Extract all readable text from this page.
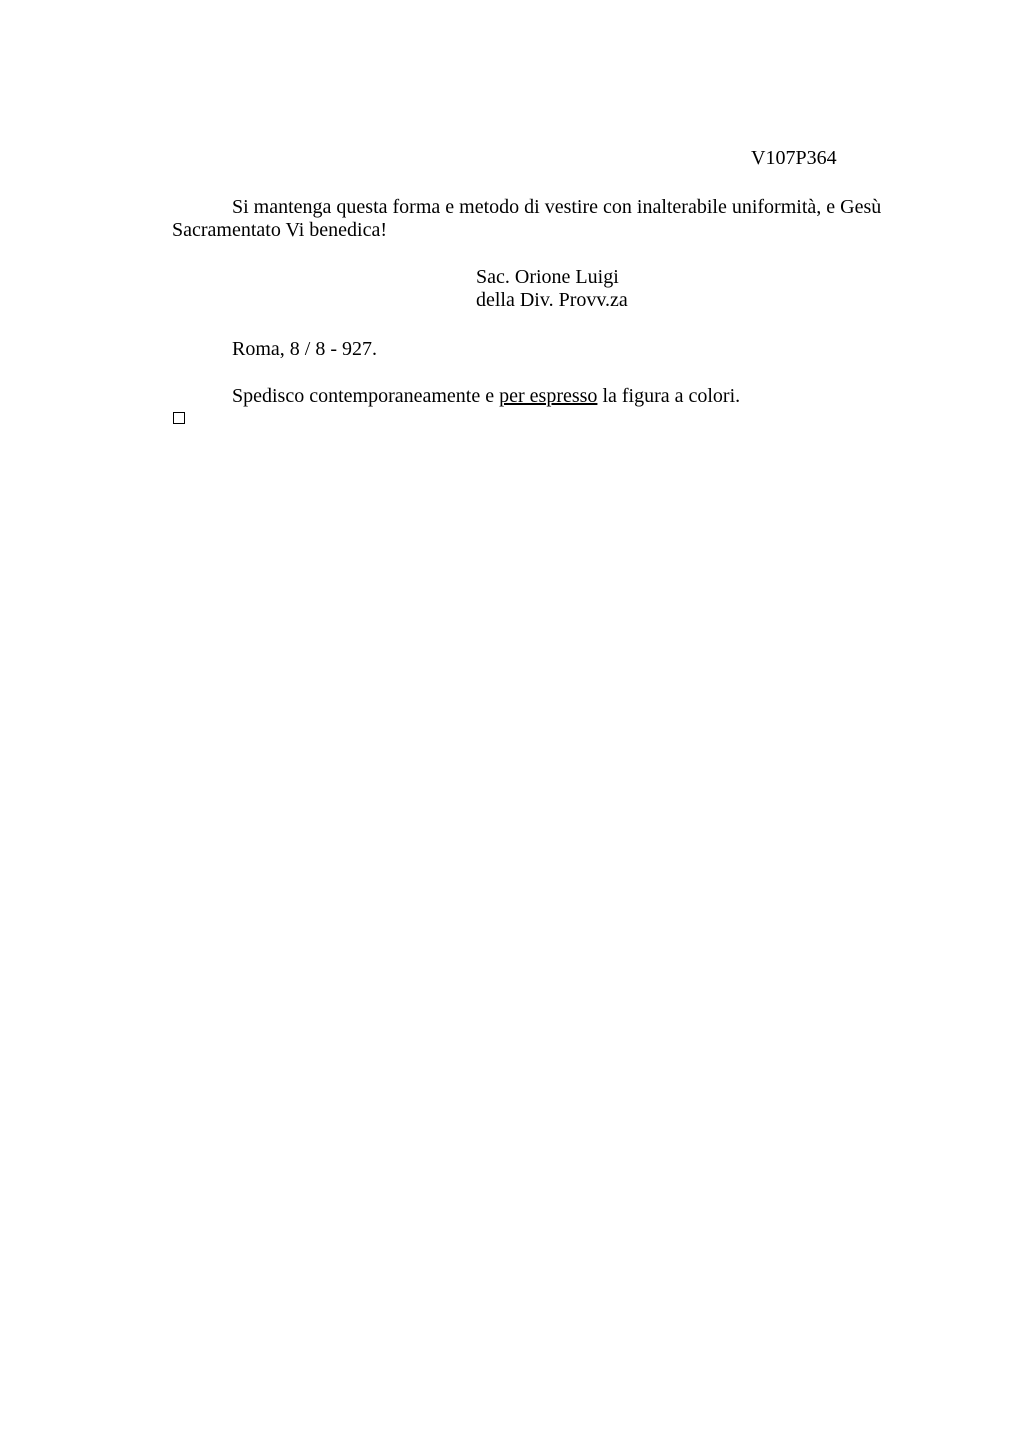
V107P364

Si mantenga questa forma e metodo di vestire con inalterabile uniformità, e Gesù Sacramentato Vi benedica!

Sac. Orione Luigi
della Div. Provv.za
Roma, 8 / 8 - 927.
Spedisco contemporaneamente e per espresso la figura a colori.
